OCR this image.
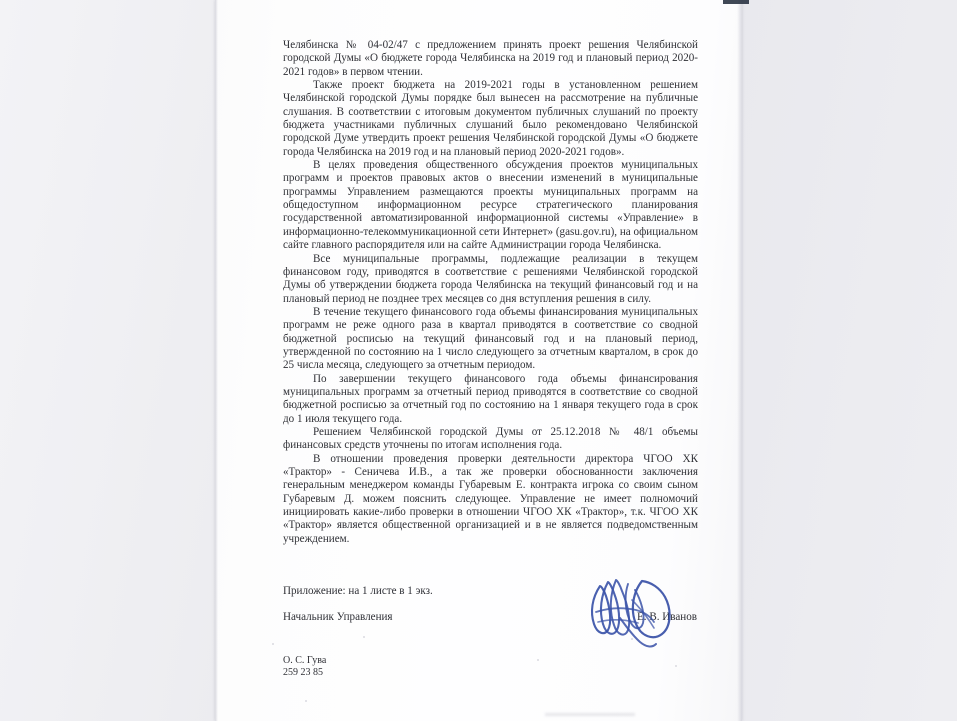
Челябинска № 04-02/47 с предложением принять проект решения Челябинской городской Думы «О бюджете города Челябинска на 2019 год и плановый период 2020-2021 годов» в первом чтении.

Также проект бюджета на 2019-2021 годы в установленном решением Челябинской городской Думы порядке был вынесен на рассмотрение на публичные слушания. В соответствии с итоговым документом публичных слушаний по проекту бюджета участниками публичных слушаний было рекомендовано Челябинской городской Думе утвердить проект решения Челябинской городской Думы «О бюджете города Челябинска на 2019 год и на плановый период 2020-2021 годов».

В целях проведения общественного обсуждения проектов муниципальных программ и проектов правовых актов о внесении изменений в муниципальные программы Управлением размещаются проекты муниципальных программ на общедоступном информационном ресурсе стратегического планирования государственной автоматизированной информационной системы «Управление» в информационно-телекоммуникационной сети Интернет» (gasu.gov.ru), на официальном сайте главного распорядителя или на сайте Администрации города Челябинска.

Все муниципальные программы, подлежащие реализации в текущем финансовом году, приводятся в соответствие с решениями Челябинской городской Думы об утверждении бюджета города Челябинска на текущий финансовый год и на плановый период не позднее трех месяцев со дня вступления решения в силу.

В течение текущего финансового года объемы финансирования муниципальных программ не реже одного раза в квартал приводятся в соответствие со сводной бюджетной росписью на текущий финансовый год и на плановый период, утвержденной по состоянию на 1 число следующего за отчетным кварталом, в срок до 25 числа месяца, следующего за отчетным периодом.

По завершении текущего финансового года объемы финансирования муниципальных программ за отчетный период приводятся в соответствие со сводной бюджетной росписью за отчетный год по состоянию на 1 января текущего года в срок до 1 июля текущего года.

Решением Челябинской городской Думы от 25.12.2018 № 48/1 объемы финансовых средств уточнены по итогам исполнения года.

В отношении проведения проверки деятельности директора ЧГОО ХК «Трактор» - Сеничева И.В., а так же проверки обоснованности заключения генеральным менеджером команды Губаревым Е. контракта игрока со своим сыном Губаревым Д. можем пояснить следующее. Управление не имеет полномочий инициировать какие-либо проверки в отношении ЧГОО ХК «Трактор», т.к. ЧГОО ХК «Трактор» является общественной организацией и в не является подведомственным учреждением.

Приложение: на 1 листе в 1 экз.
Начальник Управления	Е. В. Иванов
О. С. Гува
259 23 85
